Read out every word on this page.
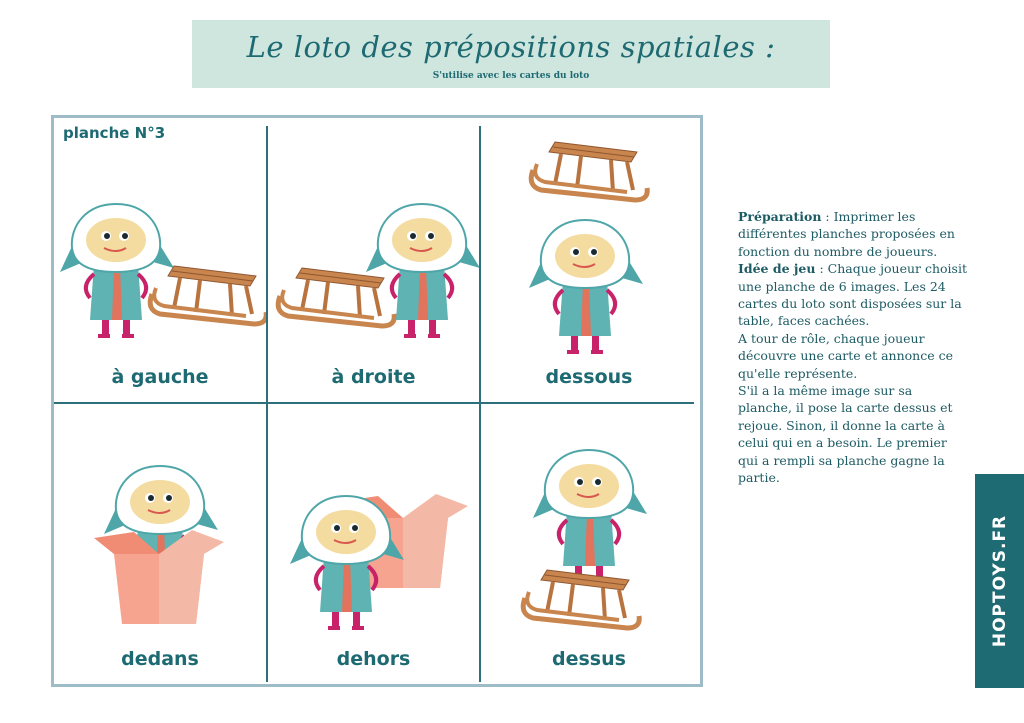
Le loto des prépositions spatiales :
S'utilise avec les cartes du loto
planche N°3
à gauche	à droite	dessous
dedans	dehors	dessus

Préparation : Imprimer les différentes planches proposées en fonction du nombre de joueurs.

Idée de jeu : Chaque joueur choisit une planche de 6 images. Les 24 cartes du loto sont disposées sur la table, faces cachées.

A tour de rôle, chaque joueur découvre une carte et annonce ce qu'elle représente.

S'il a la même image sur sa planche, il pose la carte dessus et rejoue. Sinon, il donne la carte à celui qui en a besoin. Le premier qui a rempli sa planche gagne la partie.

HOPTOYS.FR
